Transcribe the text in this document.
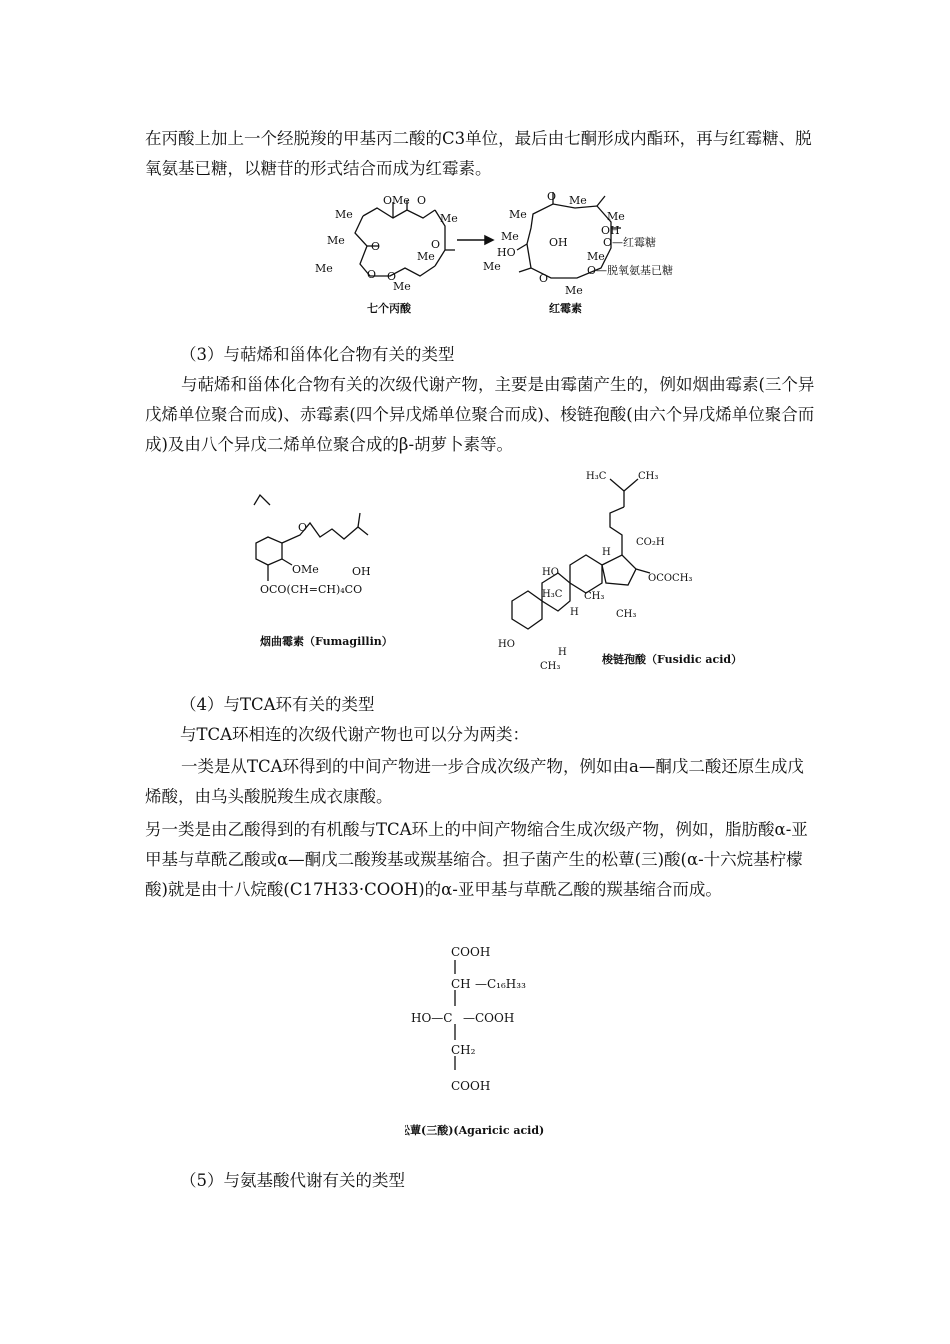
在丙酸上加上一个经脱羧的甲基丙二酸的C3单位，最后由七酮形成内酯环，再与红霉糖、脱氧氨基已糖，以糖苷的形式结合而成为红霉素。

Me
OMe O
Me
Me O	O
Me
Me	O O
Me
七个丙酸
Me
O Me
Me
OH
O—红霉糖
Me	OH
HO	Me
O—脱氧氨基已糖
Me
O
Me
红霉素

（3）与萜烯和甾体化合物有关的类型

与萜烯和甾体化合物有关的次级代谢产物，主要是由霉菌产生的，例如烟曲霉素(三个异戊烯单位聚合而成)、赤霉素(四个异戊烯单位聚合而成)、梭链孢酸(由六个异戊烯单位聚合而成)及由八个异戊二烯单位聚合成的β-胡萝卜素等。

O
OMe	OH
OCO(CH=CH)₄CO
烟曲霉素（Fumagillin）
H₃C	CH₃
CO₂H
H
HO
OCOCH₃
H₃C CH₃
H	CH₃
HO
H
CH₃
梭链孢酸（Fusidic acid）

（4）与TCA环有关的类型

与TCA环相连的次级代谢产物也可以分为两类：

一类是从TCA环得到的中间产物进一步合成次级产物，例如由a—酮戊二酸还原生成戊烯酸，由乌头酸脱羧生成衣康酸。

另一类是由乙酸得到的有机酸与TCA环上的中间产物缩合生成次级产物，例如，脂肪酸α-亚甲基与草酰乙酸或α—酮戊二酸羧基或羰基缩合。担子菌产生的松蕈(三)酸(α-十六烷基柠檬酸)就是由十八烷酸(C17H33·COOH)的α-亚甲基与草酰乙酸的羰基缩合而成。

COOH
CH —C₁₆H₃₃
HO—C —COOH
CH₂
COOH
松蕈(三酸)(Agaricic acid)

（5）与氨基酸代谢有关的类型
